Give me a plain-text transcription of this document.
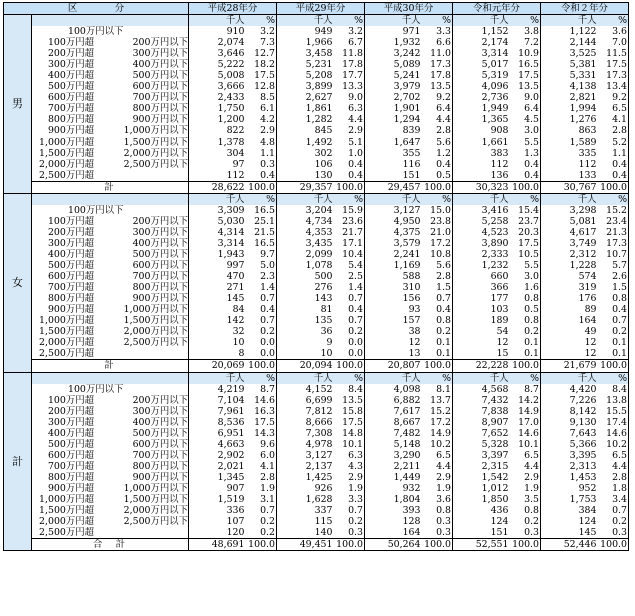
区　　　　分		平成28年分		平成29年分		平成30年分		令和元年分		令和２年分	
男		千人	%	千人	%	千人	%	千人	%	千人	%
	100万円以下	910	3.2	949	3.2	971	3.3	1,152	3.8	1,122	3.6
	100万円超 200万円以下	2,074	7.3	1,966	6.7	1,932	6.6	2,174	7.2	2,144	7.0
	200万円超 300万円以下	3,646	12.7	3,458	11.8	3,242	11.0	3,314	10.9	3,525	11.5
	300万円超 400万円以下	5,222	18.2	5,231	17.8	5,089	17.3	5,017	16.5	5,381	17.5
	400万円超 500万円以下	5,008	17.5	5,208	17.7	5,241	17.8	5,319	17.5	5,331	17.3
	500万円超 600万円以下	3,666	12.8	3,899	13.3	3,979	13.5	4,096	13.5	4,138	13.4
	600万円超 700万円以下	2,433	8.5	2,627	9.0	2,702	9.2	2,736	9.0	2,821	9.2
	700万円超 800万円以下	1,750	6.1	1,861	6.3	1,901	6.4	1,949	6.4	1,994	6.5
	800万円超 900万円以下	1,200	4.2	1,282	4.4	1,294	4.4	1,365	4.5	1,276	4.1
	900万円超 1,000万円以下	822	2.9	845	2.9	839	2.8	908	3.0	863	2.8
	1,000万円超 1,500万円以下	1,378	4.8	1,492	5.1	1,647	5.6	1,661	5.5	1,589	5.2
	1,500万円超 2,000万円以下	304	1.1	302	1.0	355	1.2	383	1.3	335	1.1
	2,000万円超 2,500万円以下	97	0.3	106	0.4	116	0.4	112	0.4	112	0.4
	2,500万円超	112	0.4	130	0.4	151	0.5	136	0.4	133	0.4
	計	28,622	100.0	29,357	100.0	29,457	100.0	30,323	100.0	30,767	100.0
女		千人	%	千人	%	千人	%	千人	%	千人	%
	100万円以下	3,309	16.5	3,204	15.9	3,127	15.0	3,416	15.4	3,298	15.2
	100万円超 200万円以下	5,030	25.1	4,734	23.6	4,950	23.8	5,258	23.7	5,081	23.4
	200万円超 300万円以下	4,314	21.5	4,353	21.7	4,375	21.0	4,523	20.3	4,617	21.3
	300万円超 400万円以下	3,314	16.5	3,435	17.1	3,579	17.2	3,890	17.5	3,749	17.3
	400万円超 500万円以下	1,943	9.7	2,099	10.4	2,241	10.8	2,333	10.5	2,312	10.7
	500万円超 600万円以下	997	5.0	1,078	5.4	1,169	5.6	1,232	5.5	1,228	5.7
	600万円超 700万円以下	470	2.3	500	2.5	588	2.8	660	3.0	574	2.6
	700万円超 800万円以下	271	1.4	276	1.4	310	1.5	366	1.6	319	1.5
	800万円超 900万円以下	145	0.7	143	0.7	156	0.7	177	0.8	176	0.8
	900万円超 1,000万円以下	84	0.4	81	0.4	93	0.4	103	0.5	89	0.4
	1,000万円超 1,500万円以下	142	0.7	135	0.7	157	0.8	189	0.8	164	0.7
	1,500万円超 2,000万円以下	32	0.2	36	0.2	38	0.2	54	0.2	49	0.2
	2,000万円超 2,500万円以下	10	0.0	9	0.0	12	0.1	12	0.1	12	0.1
	2,500万円超	8	0.0	10	0.0	13	0.1	15	0.1	12	0.1
	計	20,069	100.0	20,094	100.0	20,807	100.0	22,228	100.0	21,679	100.0
計		千人	%	千人	%	千人	%	千人	%	千人	%
	100万円以下	4,219	8.7	4,152	8.4	4,098	8.1	4,568	8.7	4,420	8.4
	100万円超 200万円以下	7,104	14.6	6,699	13.5	6,882	13.7	7,432	14.2	7,226	13.8
	200万円超 300万円以下	7,961	16.3	7,812	15.8	7,617	15.2	7,838	14.9	8,142	15.5
	300万円超 400万円以下	8,536	17.5	8,666	17.5	8,667	17.2	8,907	17.0	9,130	17.4
	400万円超 500万円以下	6,951	14.3	7,308	14.8	7,482	14.9	7,652	14.6	7,643	14.6
	500万円超 600万円以下	4,663	9.6	4,978	10.1	5,148	10.2	5,328	10.1	5,366	10.2
	600万円超 700万円以下	2,902	6.0	3,127	6.3	3,290	6.5	3,397	6.5	3,395	6.5
	700万円超 800万円以下	2,021	4.1	2,137	4.3	2,211	4.4	2,315	4.4	2,313	4.4
	800万円超 900万円以下	1,345	2.8	1,425	2.9	1,449	2.9	1,542	2.9	1,453	2.8
	900万円超 1,000万円以下	907	1.9	926	1.9	932	1.9	1,012	1.9	952	1.8
	1,000万円超 1,500万円以下	1,519	3.1	1,628	3.3	1,804	3.6	1,850	3.5	1,753	3.4
	1,500万円超 2,000万円以下	336	0.7	337	0.7	393	0.8	436	0.8	384	0.7
	2,000万円超 2,500万円以下	107	0.2	115	0.2	128	0.3	124	0.2	124	0.2
	2,500万円超	120	0.2	140	0.3	164	0.3	151	0.3	145	0.3
	合　計	48,691	100.0	49,451	100.0	50,264	100.0	52,551	100.0	52,446	100.0
